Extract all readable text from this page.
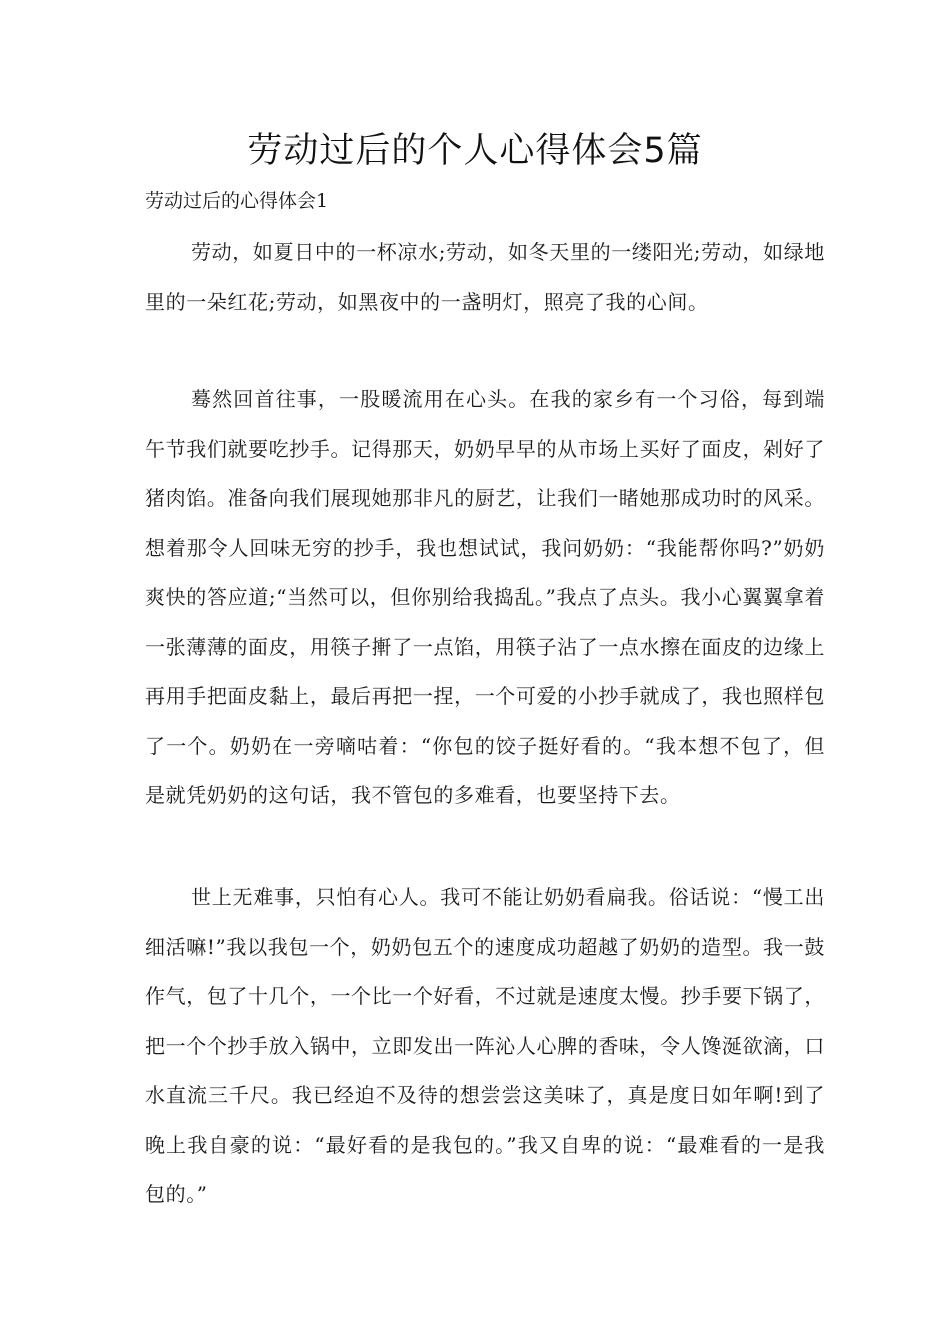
劳动过后的个人心得体会5篇
劳动过后的心得体会1

劳动，如夏日中的一杯凉水;劳动，如冬天里的一缕阳光;劳动，如绿地里的一朵红花;劳动，如黑夜中的一盏明灯，照亮了我的心间。

蓦然回首往事，一股暖流用在心头。在我的家乡有一个习俗，每到端午节我们就要吃抄手。记得那天，奶奶早早的从市场上买好了面皮，剁好了猪肉馅。准备向我们展现她那非凡的厨艺，让我们一睹她那成功时的风采。想着那令人回味无穷的抄手，我也想试试，我问奶奶：“我能帮你吗?”奶奶爽快的答应道;“当然可以，但你别给我捣乱。”我点了点头。我小心翼翼拿着一张薄薄的面皮，用筷子搟了一点馅，用筷子沾了一点水擦在面皮的边缘上再用手把面皮黏上，最后再把一捏，一个可爱的小抄手就成了，我也照样包了一个。奶奶在一旁嘀咕着：“你包的饺子挺好看的。“我本想不包了，但是就凭奶奶的这句话，我不管包的多难看，也要坚持下去。

世上无难事，只怕有心人。我可不能让奶奶看扁我。俗话说：“慢工出细活嘛!”我以我包一个，奶奶包五个的速度成功超越了奶奶的造型。我一鼓作气，包了十几个，一个比一个好看，不过就是速度太慢。抄手要下锅了，把一个个抄手放入锅中，立即发出一阵沁人心脾的香味，令人馋涎欲滴，口水直流三千尺。我已经迫不及待的想尝尝这美味了，真是度日如年啊!到了晚上我自豪的说：“最好看的是我包的。”我又自卑的说：“最难看的一是我包的。”
